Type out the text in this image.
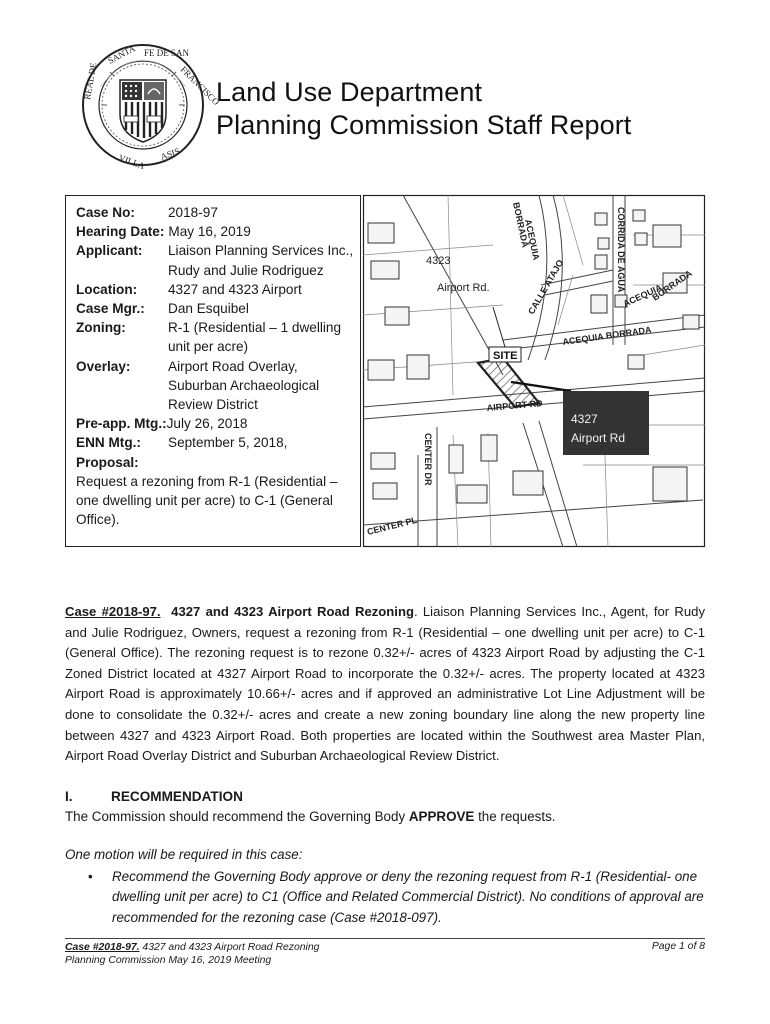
SANTA FE DE SAN
FRANCISCO
REAL DE
VILLA ASIS
Land Use Department
Planning Commission Staff Report
Case No:	2018-97
Hearing Date: May 16, 2019
Applicant:	Liaison Planning Services Inc., Rudy and Julie Rodriguez
Location:	4327 and 4323 Airport
Case Mgr.:	Dan Esquibel
Zoning:	R-1 (Residential – 1 dwelling unit per acre)
Overlay:	Airport Road Overlay, Suburban Archaeological Review District
Pre-app. Mtg.: July 26, 2018
ENN Mtg.:	September 5, 2018,
Proposal:
Request a rezoning from R-1 (Residential – one dwelling unit per acre) to C-1 (General Office).
4323
Airport Rd.
SITE
AIRPORT RD
ACEQUIA BORRADA
CALLE ATAJO
BORRADA
ACEQUIA	CORRIDA DE AGUA
CENTER DR
CENTER PL
ACEQUIA
BORRADA
4327
Airport Rd
Case #2018-97. 4327 and 4323 Airport Road Rezoning. Liaison Planning Services Inc., Agent, for Rudy and Julie Rodriguez, Owners, request a rezoning from R-1 (Residential – one dwelling unit per acre) to C-1 (General Office). The rezoning request is to rezone 0.32+/- acres of 4323 Airport Road by adjusting the C-1 Zoned District located at 4327 Airport Road to incorporate the 0.32+/- acres. The property located at 4323 Airport Road is approximately 10.66+/- acres and if approved an administrative Lot Line Adjustment will be done to consolidate the 0.32+/- acres and create a new zoning boundary line along the new property line between 4327 and 4323 Airport Road. Both properties are located within the Southwest area Master Plan, Airport Road Overlay District and Suburban Archaeological Review District.
I.	RECOMMENDATION
The Commission should recommend the Governing Body APPROVE the requests.
One motion will be required in this case:
•	Recommend the Governing Body approve or deny the rezoning request from R-1 (Residential- one dwelling unit per acre) to C1 (Office and Related Commercial District). No conditions of approval are recommended for the rezoning case (Case #2018-097).
Case #2018-97. 4327 and 4323 Airport Road Rezoning
Planning Commission May 16, 2019 Meeting
Page 1 of 8
